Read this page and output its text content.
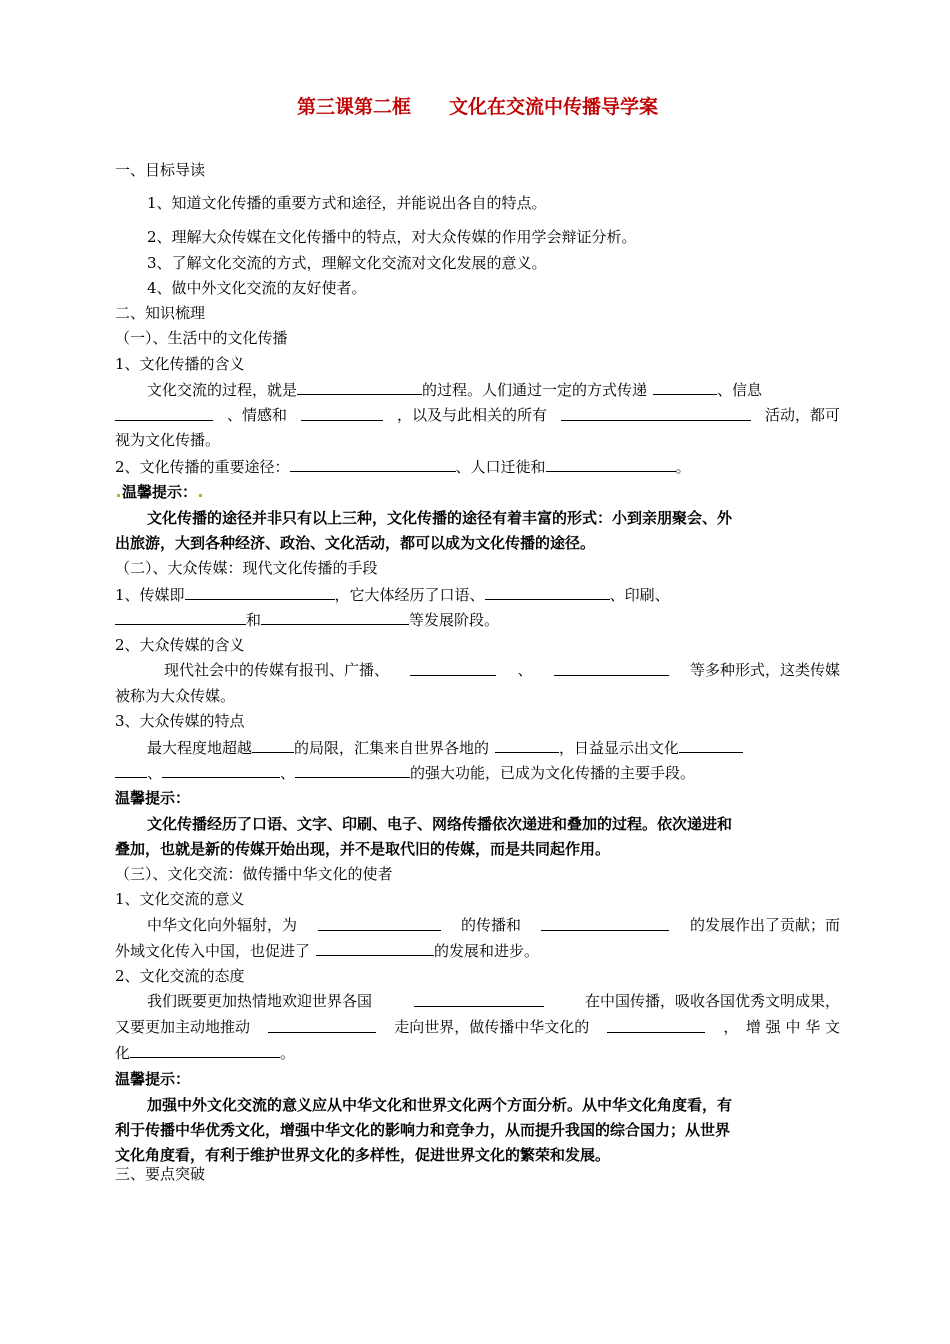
第三课第二框　　文化在交流中传播导学案
一、目标导读
1、知道文化传播的重要方式和途径，并能说出各自的特点。
2、理解大众传媒在文化传播中的特点，对大众传媒的作用学会辩证分析。
3、了解文化交流的方式，理解文化交流对文化发展的意义。
4、做中外文化交流的友好使者。
二、知识梳理
（一）、生活中的文化传播
1、文化传播的含义
文化交流的过程，就是	的过程。人们通过一定的方式传递	、信息
、情感和	，以及与此相关的所有	活动，都可
视为文化传播。
2、文化传播的重要途径：	、人口迁徙和	。
温馨提示：
文化传播的途径并非只有以上三种，文化传播的途径有着丰富的形式：小到亲朋聚会、外
出旅游，大到各种经济、政治、文化活动，都可以成为文化传播的途径。
（二）、大众传媒：现代文化传播的手段
1、传媒即	，它大体经历了口语、	、印刷、
和	等发展阶段。
2、大众传媒的含义
现代社会中的传媒有报刊、广播、	、	等多种形式，这类传媒
被称为大众传媒。
3、大众传媒的特点
最大程度地超越	的局限，汇集来自世界各地的	，日益显示出文化
、	、	的强大功能，已成为文化传播的主要手段。
温馨提示：
文化传播经历了口语、文字、印刷、电子、网络传播依次递进和叠加的过程。依次递进和
叠加，也就是新的传媒开始出现，并不是取代旧的传媒，而是共同起作用。
（三）、文化交流：做传播中华文化的使者
1、文化交流的意义
中华文化向外辐射，为	的传播和	的发展作出了贡献；而
外域文化传入中国，也促进了	的发展和进步。
2、文化交流的态度
我们既要更加热情地欢迎世界各国	在中国传播，吸收各国优秀文明成果，
又要更加主动地推动	走向世界，做传播中华文化的	，　增 强 中 华 文
化	。
温馨提示：
加强中外文化交流的意义应从中华文化和世界文化两个方面分析。从中华文化角度看，有
利于传播中华优秀文化，增强中华文化的影响力和竞争力，从而提升我国的综合国力；从世界
文化角度看，有利于维护世界文化的多样性，促进世界文化的繁荣和发展。
三、要点突破
